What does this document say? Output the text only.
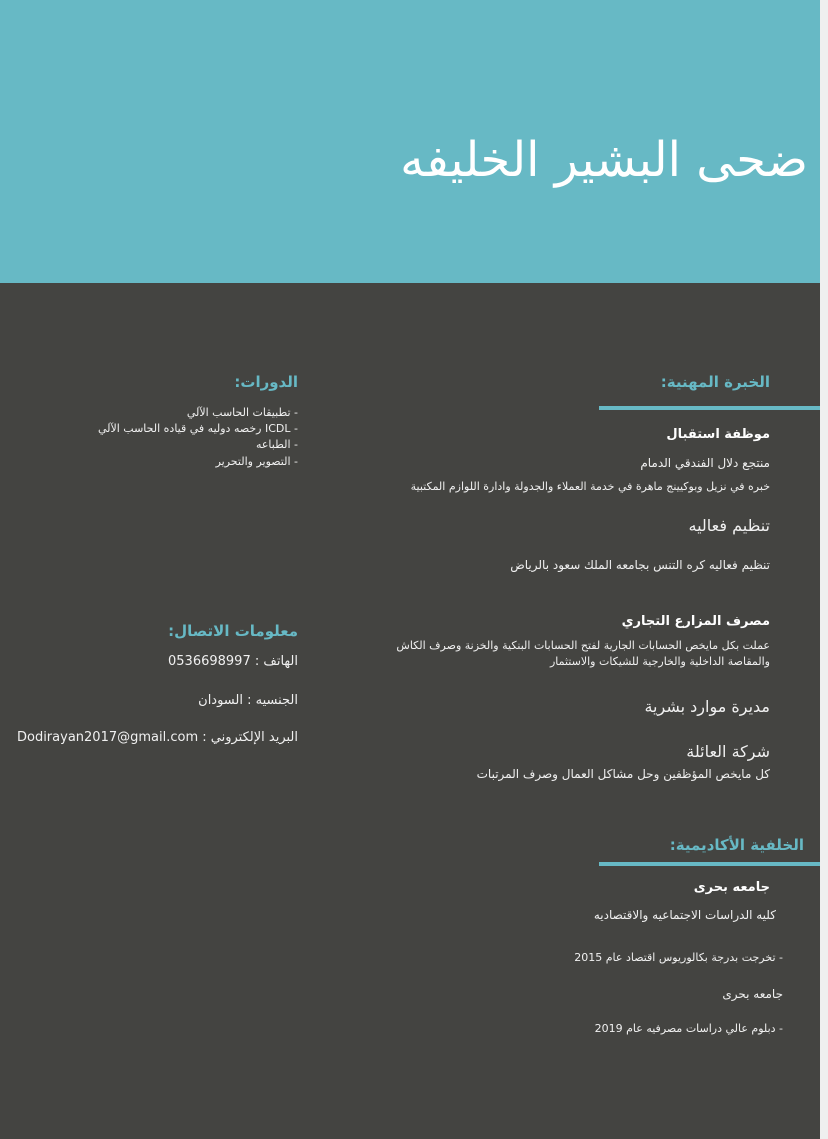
ضحى البشير الخليفه
الخبرة المهنية:
موظفة استقبال
منتجع دلال الفندقي الدمام
خبره في نزيل وبوكيينج ماهرة في خدمة العملاء والجدولة وادارة اللوازم المكتبية
تنظيم فعاليه
تنظيم فعاليه كره التنس بجامعه الملك سعود بالرياض
مصرف المزارع التجاري
عملت بكل مايخص الحسابات الجارية لفتح الحسابات البنكية والخزنة وصرف الكاش
والمقاصة الداخلية والخارجية للشيكات والاستثمار
مديرة موارد بشرية
شركة العائلة
كل مايخص المؤظفين وحل مشاكل العمال وصرف المرتبات
الدورات:
- تطبيقات الحاسب الآلي
- ICDL رخصه دوليه في قياده الحاسب الآلي
- الطباعه
- التصوير والتحرير
معلومات الاتصال:
الهاتف : 0536698997
الجنسيه : السودان
البريد الإلكتروني : Dodirayan2017@gmail.com
الخلفية الأكاديمية:
جامعه بحرى
كليه الدراسات الاجتماعيه والاقتصاديه
- تخرجت بدرجة بكالوريوس اقتصاد عام 2015
جامعه بحرى
- دبلوم عالي دراسات مصرفيه عام 2019
